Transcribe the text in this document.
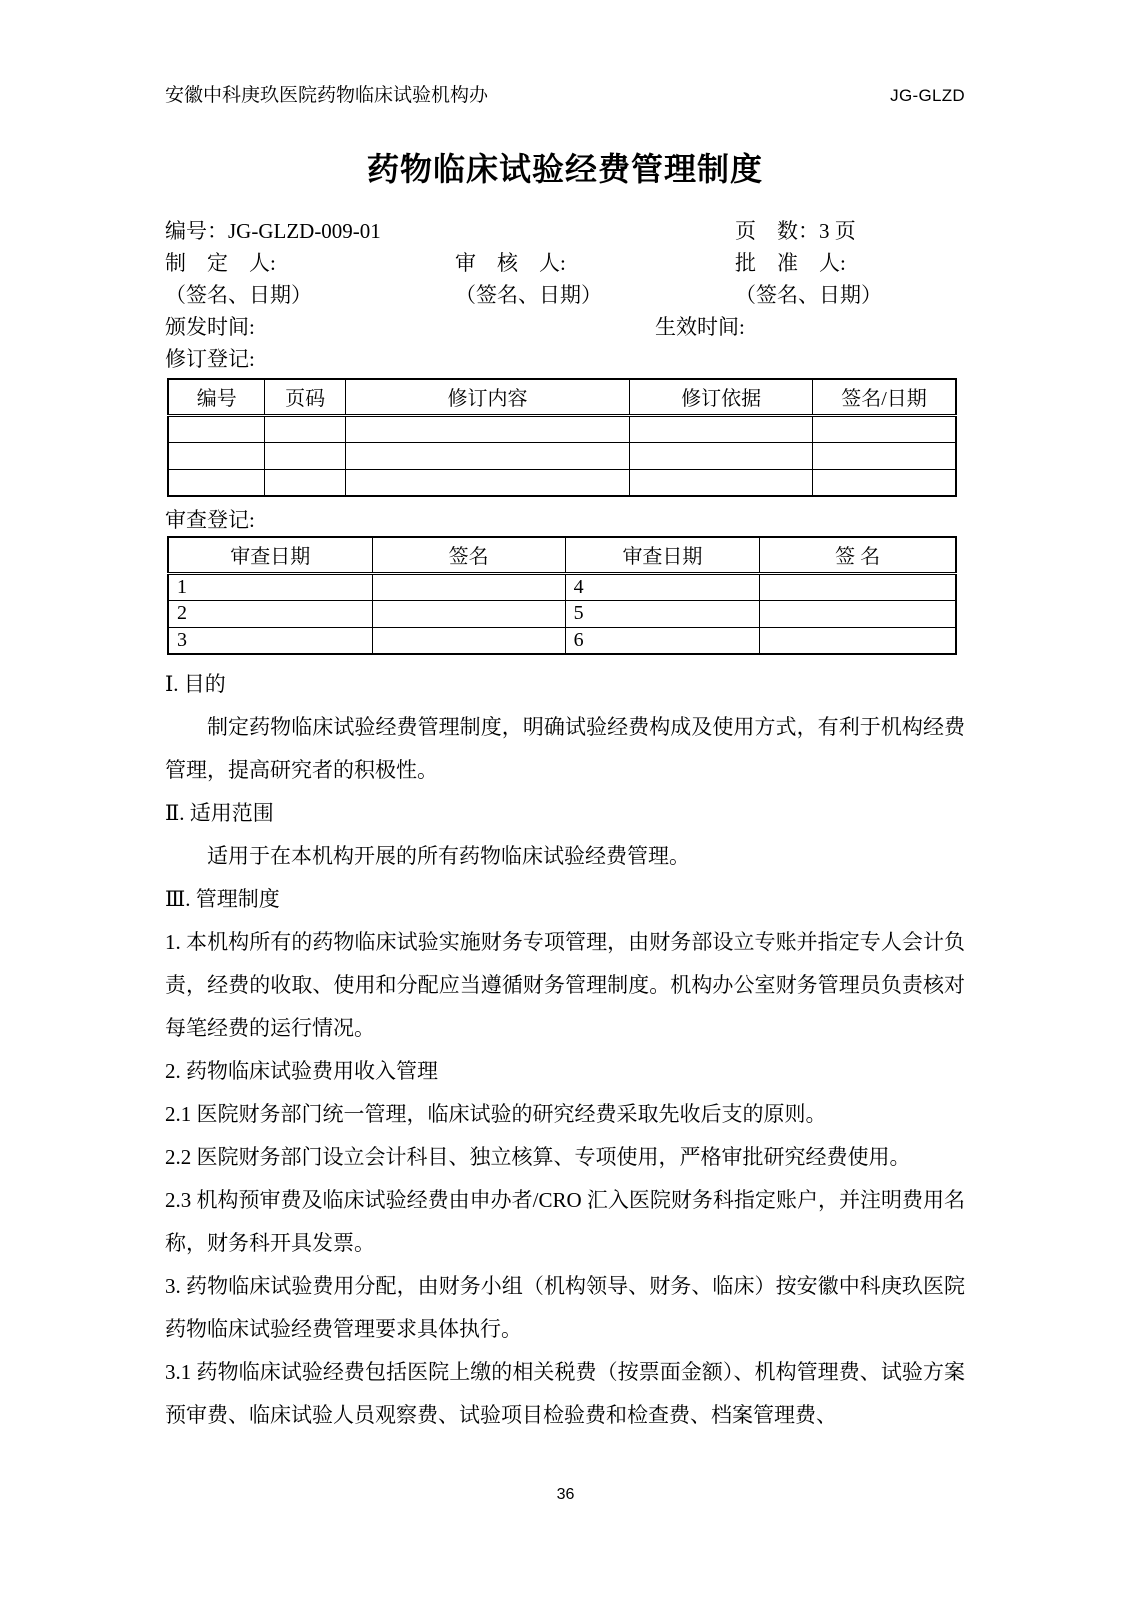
安徽中科庚玖医院药物临床试验机构办	JG-GLZD
药物临床试验经费管理制度
编号：JG-GLZD-009-01	页　数：3 页
制　定　人:	审　核　人:	批　准　人:
（签名、日期）	（签名、日期）	（签名、日期）
颁发时间:	生效时间:
修订登记:
编号	页码	修订内容	修订依据	签名/日期

审查登记:
审查日期	签名	审查日期	签 名
1		4	
2		5	
3		6	

Ⅰ. 目的

制定药物临床试验经费管理制度，明确试验经费构成及使用方式，有利于机构经费管理，提高研究者的积极性。

Ⅱ. 适用范围

适用于在本机构开展的所有药物临床试验经费管理。

Ⅲ. 管理制度

1. 本机构所有的药物临床试验实施财务专项管理，由财务部设立专账并指定专人会计负责，经费的收取、使用和分配应当遵循财务管理制度。机构办公室财务管理员负责核对每笔经费的运行情况。

2. 药物临床试验费用收入管理

2.1 医院财务部门统一管理，临床试验的研究经费采取先收后支的原则。

2.2 医院财务部门设立会计科目、独立核算、专项使用，严格审批研究经费使用。

2.3 机构预审费及临床试验经费由申办者/CRO 汇入医院财务科指定账户，并注明费用名称，财务科开具发票。

3. 药物临床试验费用分配，由财务小组（机构领导、财务、临床）按安徽中科庚玖医院药物临床试验经费管理要求具体执行。

3.1 药物临床试验经费包括医院上缴的相关税费（按票面金额）、机构管理费、试验方案预审费、临床试验人员观察费、试验项目检验费和检查费、档案管理费、

36
